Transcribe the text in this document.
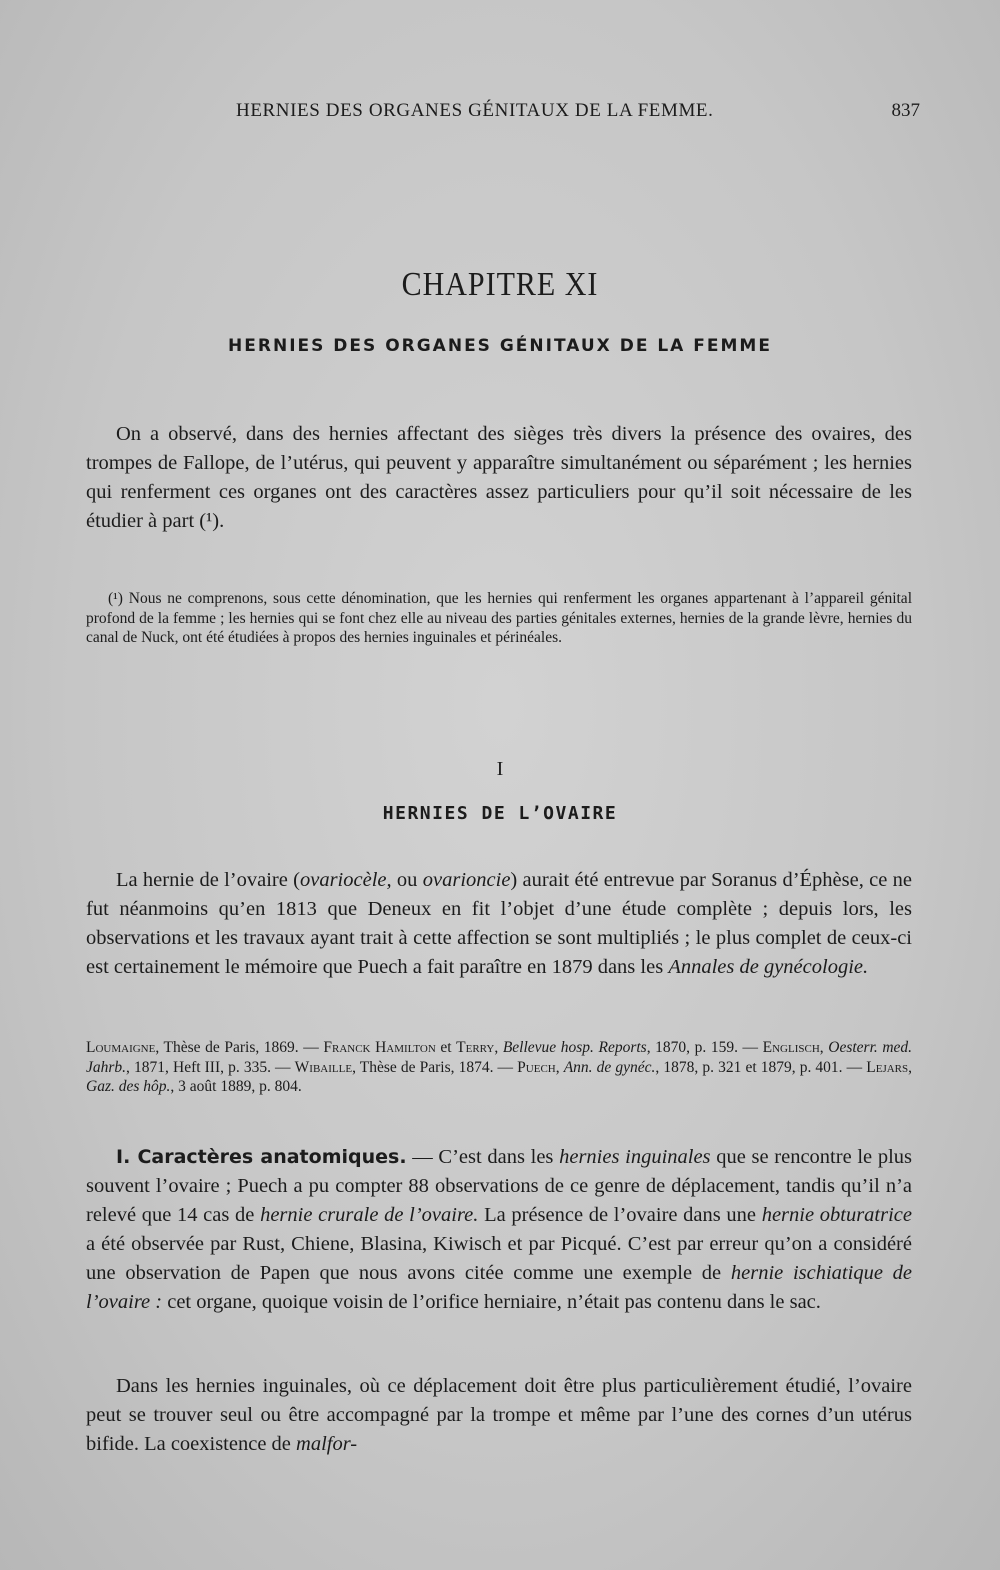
HERNIES DES ORGANES GÉNITAUX DE LA FEMME.	837
CHAPITRE XI
HERNIES DES ORGANES GÉNITAUX DE LA FEMME

On a observé, dans des hernies affectant des sièges très divers la présence des ovaires, des trompes de Fallope, de l’utérus, qui peuvent y apparaître simultanément ou séparément ; les hernies qui renferment ces organes ont des caractères assez particuliers pour qu’il soit nécessaire de les étudier à part (¹).

(¹) Nous ne comprenons, sous cette dénomination, que les hernies qui renferment les organes appartenant à l’appareil génital profond de la femme ; les hernies qui se font chez elle au niveau des parties génitales externes, hernies de la grande lèvre, hernies du canal de Nuck, ont été étudiées à propos des hernies inguinales et périnéales.

I
HERNIES DE L’OVAIRE

La hernie de l’ovaire (ovariocèle, ou ovarioncie) aurait été entrevue par Soranus d’Éphèse, ce ne fut néanmoins qu’en 1813 que Deneux en fit l’objet d’une étude complète ; depuis lors, les observations et les travaux ayant trait à cette affection se sont multipliés ; le plus complet de ceux-ci est certainement le mémoire que Puech a fait paraître en 1879 dans les Annales de gynécologie.

Loumaigne, Thèse de Paris, 1869. — Franck Hamilton et Terry, Bellevue hosp. Reports, 1870, p. 159. — Englisch, Oesterr. med. Jahrb., 1871, Heft III, p. 335. — Wibaille, Thèse de Paris, 1874. — Puech, Ann. de gynéc., 1878, p. 321 et 1879, p. 401. — Lejars, Gaz. des hôp., 3 août 1889, p. 804.

I. Caractères anatomiques. — C’est dans les hernies inguinales que se rencontre le plus souvent l’ovaire ; Puech a pu compter 88 observations de ce genre de déplacement, tandis qu’il n’a relevé que 14 cas de hernie crurale de l’ovaire. La présence de l’ovaire dans une hernie obturatrice a été observée par Rust, Chiene, Blasina, Kiwisch et par Picqué. C’est par erreur qu’on a considéré une observation de Papen que nous avons citée comme une exemple de hernie ischiatique de l’ovaire : cet organe, quoique voisin de l’orifice herniaire, n’était pas contenu dans le sac.

Dans les hernies inguinales, où ce déplacement doit être plus particulièrement étudié, l’ovaire peut se trouver seul ou être accompagné par la trompe et même par l’une des cornes d’un utérus bifide. La coexistence de malfor-
